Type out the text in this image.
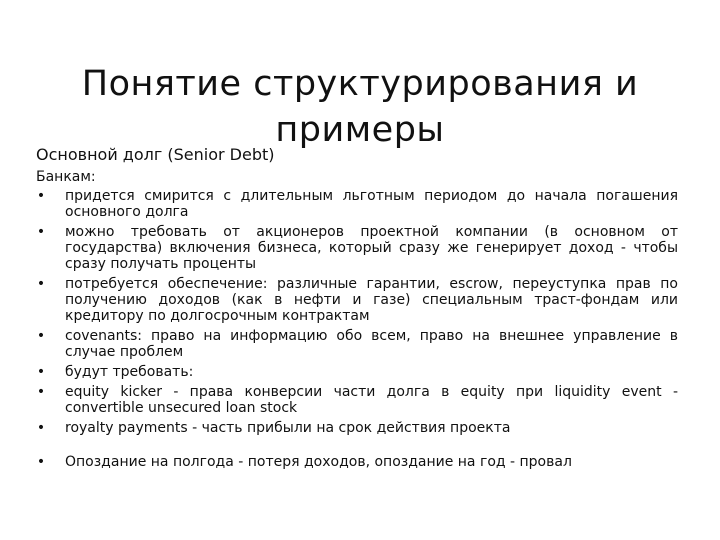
Понятие структурирования и примеры
Основной долг (Senior Debt)
Банкам:
• придется смирится с длительным льготным периодом до начала погашения основного долга
• можно требовать от акционеров проектной компании (в основном от государства) включения бизнеса, который сразу же генерирует доход - чтобы сразу получать проценты
• потребуется обеспечение: различные гарантии, escrow, переуступка прав по получению доходов (как в нефти и газе) специальным траст-фондам или кредитору по долгосрочным контрактам
• covenants: право на информацию обо всем, право на внешнее управление в случае проблем
• будут требовать:
• equity kicker - права конверсии части долга в equity при liquidity event - convertible unsecured loan stock
• royalty payments - часть прибыли на срок действия проекта
• Опоздание на полгода - потеря доходов, опоздание на год - провал
